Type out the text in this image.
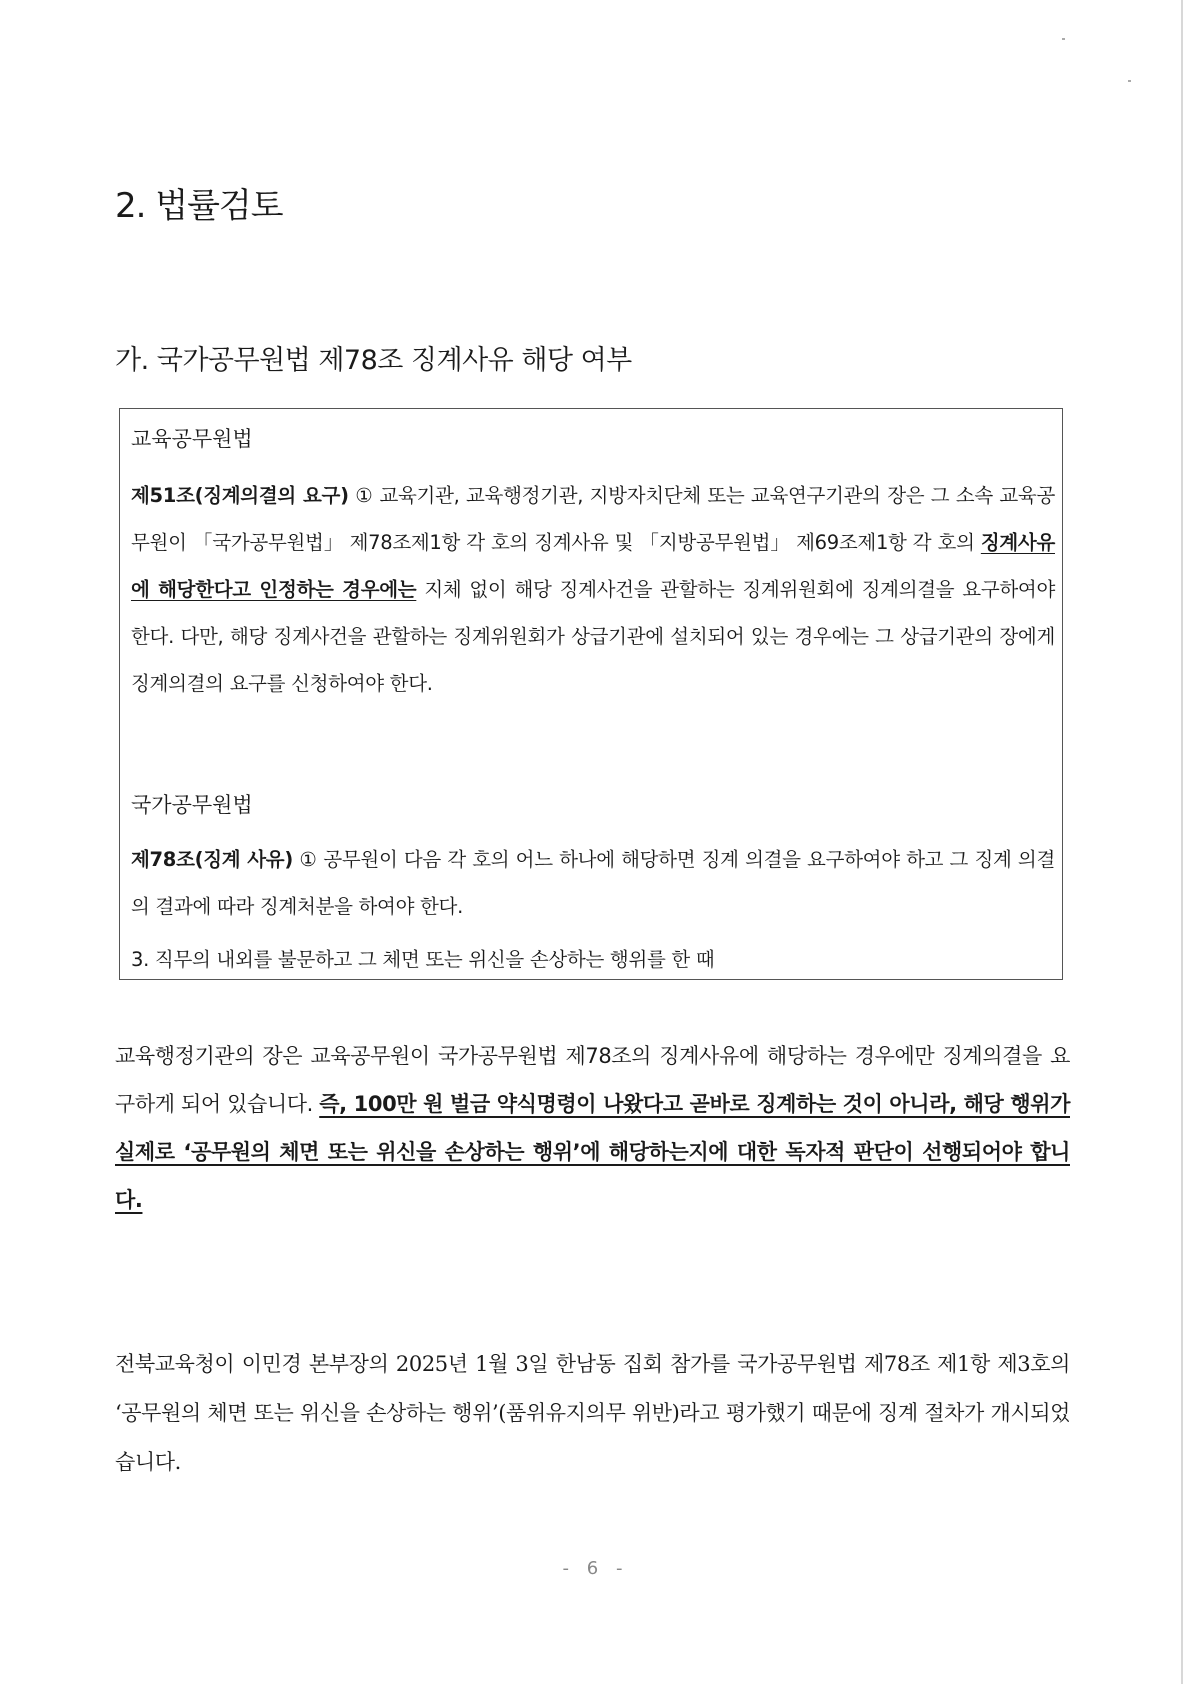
2. 법률검토
가. 국가공무원법 제78조 징계사유 해당 여부
교육공무원법
제51조(징계의결의 요구) ① 교육기관, 교육행정기관, 지방자치단체 또는 교육연구기관의 장은 그 소속 교육공무원이 「국가공무원법」 제78조제1항 각 호의 징계사유 및 「지방공무원법」 제69조제1항 각 호의 징계사유에 해당한다고 인정하는 경우에는 지체 없이 해당 징계사건을 관할하는 징계위원회에 징계의결을 요구하여야 한다. 다만, 해당 징계사건을 관할하는 징계위원회가 상급기관에 설치되어 있는 경우에는 그 상급기관의 장에게 징계의결의 요구를 신청하여야 한다.
국가공무원법
제78조(징계 사유) ① 공무원이 다음 각 호의 어느 하나에 해당하면 징계 의결을 요구하여야 하고 그 징계 의결의 결과에 따라 징계처분을 하여야 한다.
3. 직무의 내외를 불문하고 그 체면 또는 위신을 손상하는 행위를 한 때
교육행정기관의 장은 교육공무원이 국가공무원법 제78조의 징계사유에 해당하는 경우에만 징계의결을 요구하게 되어 있습니다. 즉, 100만 원 벌금 약식명령이 나왔다고 곧바로 징계하는 것이 아니라, 해당 행위가 실제로 ‘공무원의 체면 또는 위신을 손상하는 행위’에 해당하는지에 대한 독자적 판단이 선행되어야 합니다.
전북교육청이 이민경 본부장의 2025년 1월 3일 한남동 집회 참가를 국가공무원법 제78조 제1항 제3호의 ‘공무원의 체면 또는 위신을 손상하는 행위’(품위유지의무 위반)라고 평가했기 때문에 징계 절차가 개시되었습니다.
- 6 -
